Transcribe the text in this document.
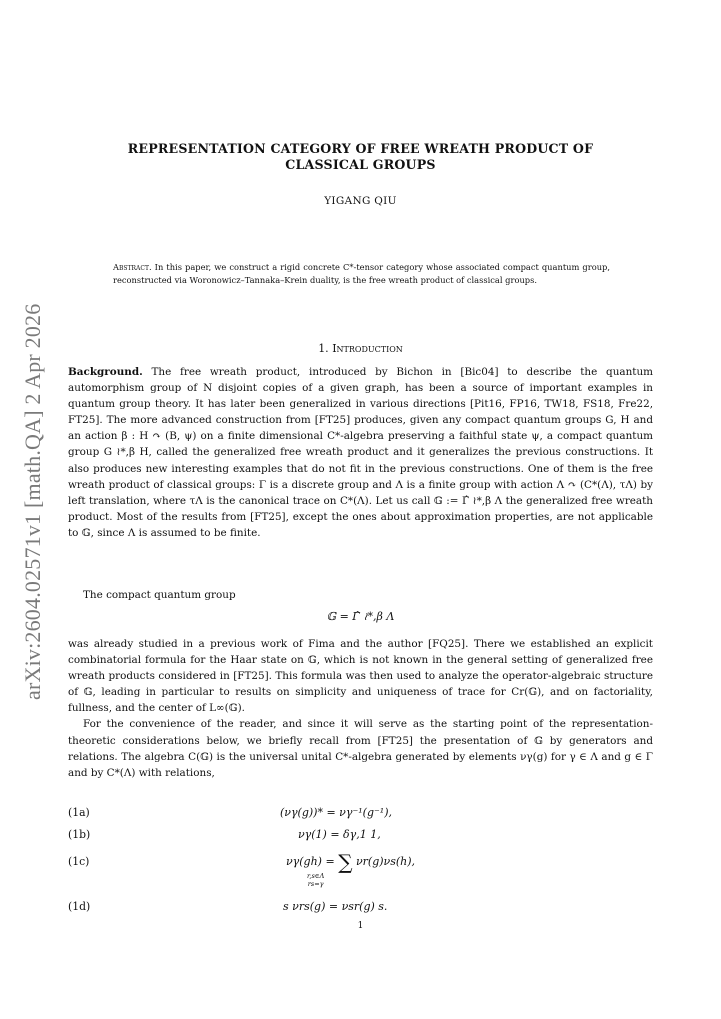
arXiv:2604.02571v1 [math.QA] 2 Apr 2026
REPRESENTATION CATEGORY OF FREE WREATH PRODUCT OF
CLASSICAL GROUPS
YIGANG QIU
Abstract. In this paper, we construct a rigid concrete C*-tensor category whose associated compact quantum group, reconstructed via Woronowicz–Tannaka–Krein duality, is the free wreath product of classical groups.
1. Introduction
Background. The free wreath product, introduced by Bichon in [Bic04] to describe the quantum automorphism group of N disjoint copies of a given graph, has been a source of important examples in quantum group theory. It has later been generalized in various directions [Pit16, FP16, TW18, FS18, Fre22, FT25]. The more advanced construction from [FT25] produces, given any compact quantum groups G, H and an action β : H ↷ (B, ψ) on a finite dimensional C*-algebra preserving a faithful state ψ, a compact quantum group G ≀*,β H, called the generalized free wreath product and it generalizes the previous constructions. It also produces new interesting examples that do not fit in the previous constructions. One of them is the free wreath product of classical groups: Γ is a discrete group and Λ is a finite group with action Λ ↷ (C*(Λ), τΛ) by left translation, where τΛ is the canonical trace on C*(Λ). Let us call 𝔾 := Γ̂ ≀*,β Λ the generalized free wreath product. Most of the results from [FT25], except the ones about approximation properties, are not applicable to 𝔾, since Λ is assumed to be finite.
The compact quantum group
𝔾 = Γ̂ ≀*,β Λ
was already studied in a previous work of Fima and the author [FQ25]. There we established an explicit combinatorial formula for the Haar state on 𝔾, which is not known in the general setting of generalized free wreath products considered in [FT25]. This formula was then used to analyze the operator-algebraic structure of 𝔾, leading in particular to results on simplicity and uniqueness of trace for Cr(𝔾), and on factoriality, fullness, and the center of L∞(𝔾).
For the convenience of the reader, and since it will serve as the starting point of the representation-theoretic considerations below, we briefly recall from [FT25] the presentation of 𝔾 by generators and relations. The algebra C(𝔾) is the universal unital C*-algebra generated by elements νγ(g) for γ ∈ Λ and g ∈ Γ and by C*(Λ) with relations,
(1a)	(νγ(g))* = νγ⁻¹(g⁻¹),
(1b)	νγ(1) = δγ,1 1,
(1c)	νγ(gh) = ∑ νr(g)νs(h),
r,s∈Λ
rs=γ
(1d)	s νrs(g) = νsr(g) s.
1
